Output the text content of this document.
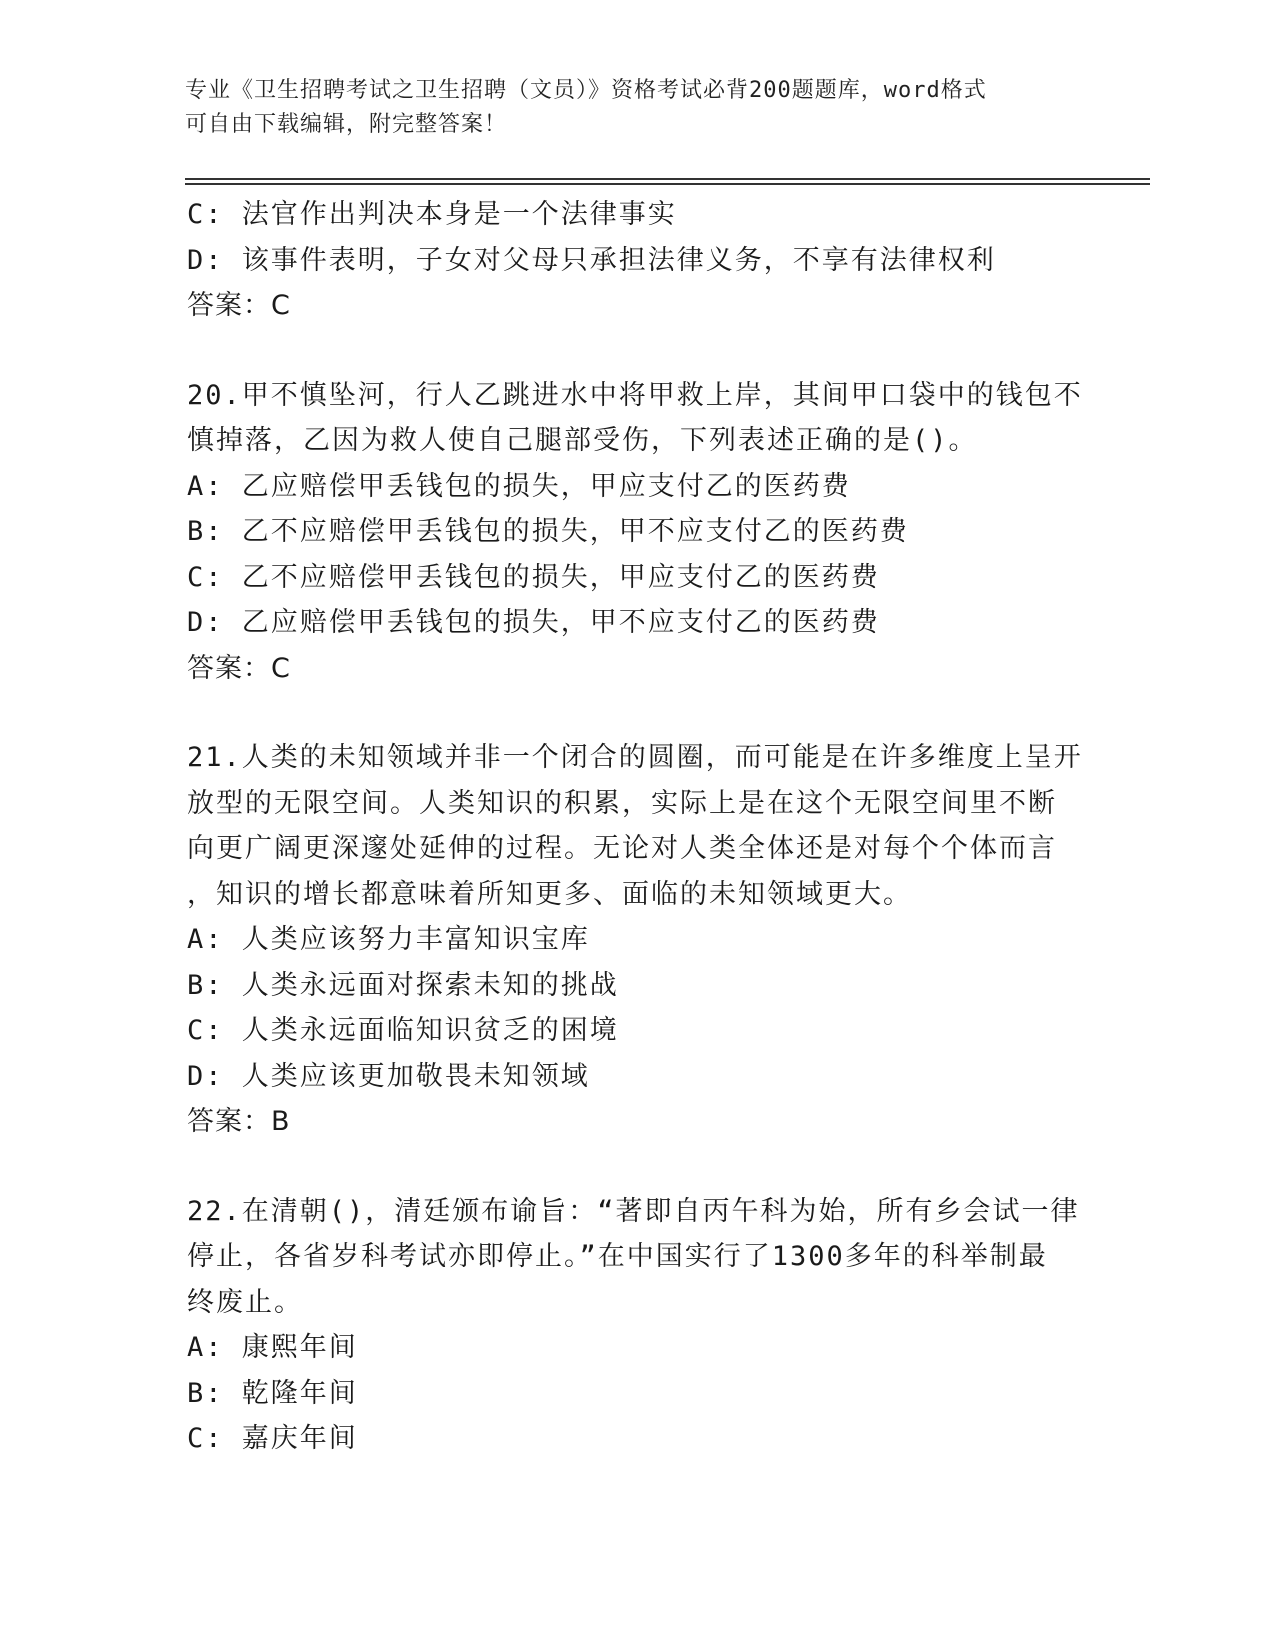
专业《卫生招聘考试之卫生招聘（文员）》资格考试必背200题题库，word格式
可自由下载编辑，附完整答案！
C: 法官作出判决本身是一个法律事实
D: 该事件表明，子女对父母只承担法律义务，不享有法律权利
答案：C
20.甲不慎坠河，行人乙跳进水中将甲救上岸，其间甲口袋中的钱包不
慎掉落，乙因为救人使自己腿部受伤，下列表述正确的是()。
A: 乙应赔偿甲丢钱包的损失，甲应支付乙的医药费
B: 乙不应赔偿甲丢钱包的损失，甲不应支付乙的医药费
C: 乙不应赔偿甲丢钱包的损失，甲应支付乙的医药费
D: 乙应赔偿甲丢钱包的损失，甲不应支付乙的医药费
答案：C
21.人类的未知领域并非一个闭合的圆圈，而可能是在许多维度上呈开
放型的无限空间。人类知识的积累，实际上是在这个无限空间里不断
向更广阔更深邃处延伸的过程。无论对人类全体还是对每个个体而言
，知识的增长都意味着所知更多、面临的未知领域更大。
A: 人类应该努力丰富知识宝库
B: 人类永远面对探索未知的挑战
C: 人类永远面临知识贫乏的困境
D: 人类应该更加敬畏未知领域
答案：B
22.在清朝()，清廷颁布谕旨：“著即自丙午科为始，所有乡会试一律
停止，各省岁科考试亦即停止。”在中国实行了1300多年的科举制最
终废止。
A: 康熙年间
B: 乾隆年间
C: 嘉庆年间
